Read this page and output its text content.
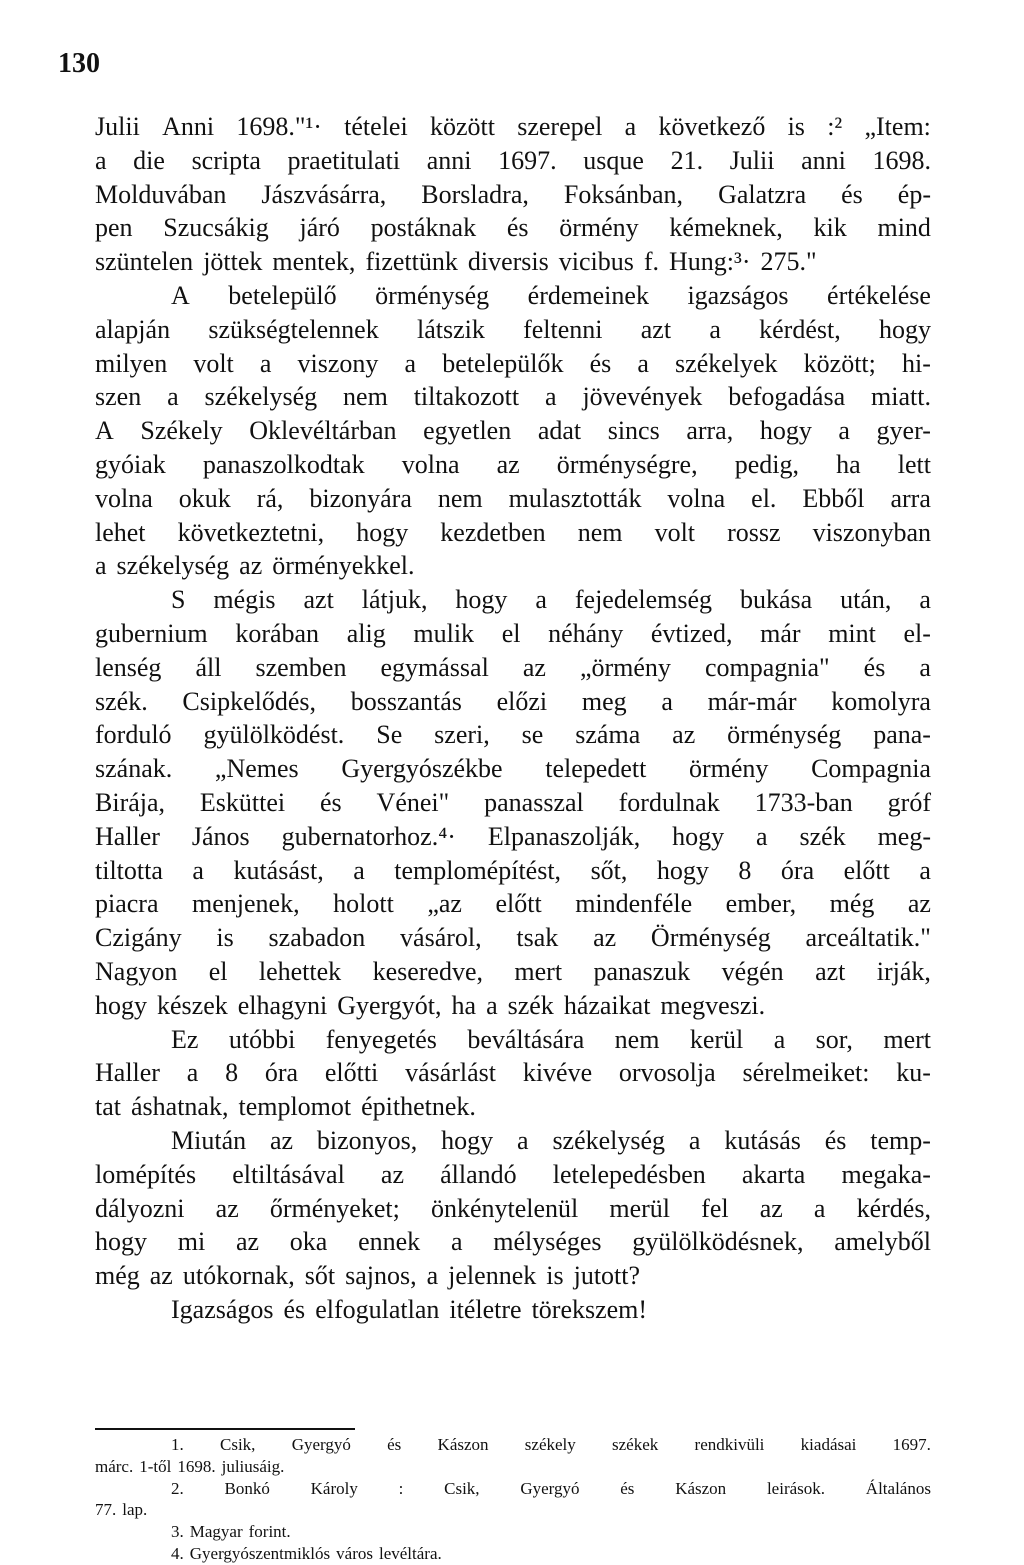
130
Julii Anni 1698."¹· tételei között szerepel a következő is :² „Item:
a die scripta praetitulati anni 1697. usque 21. Julii anni 1698.
Molduvában Jászvásárra, Borsladra, Foksánban, Galatzra és ép-
pen Szucsákig járó postáknak és örmény kémeknek, kik mind
szüntelen jöttek mentek, fizettünk diversis vicibus f. Hung:³· 275."
A betelepülő örménység érdemeinek igazságos értékelése
alapján szükségtelennek látszik feltenni azt a kérdést, hogy
milyen volt a viszony a betelepülők és a székelyek között; hi-
szen a székelység nem tiltakozott a jövevények befogadása miatt.
A Székely Oklevéltárban egyetlen adat sincs arra, hogy a gyer-
gyóiak panaszolkodtak volna az örménységre, pedig, ha lett
volna okuk rá, bizonyára nem mulasztották volna el. Ebből arra
lehet következtetni, hogy kezdetben nem volt rossz viszonyban
a székelység az örményekkel.
S mégis azt látjuk, hogy a fejedelemség bukása után, a
gubernium korában alig mulik el néhány évtized, már mint el-
lenség áll szemben egymással az „örmény compagnia" és a
szék. Csipkelődés, bosszantás előzi meg a már-már komolyra
forduló gyülölködést. Se szeri, se száma az örménység pana-
szának. „Nemes Gyergyószékbe telepedett örmény Compagnia
Birája, Esküttei és Vénei" panasszal fordulnak 1733-ban gróf
Haller János gubernatorhoz.⁴· Elpanaszolják, hogy a szék meg-
tiltotta a kutásást, a templomépítést, sőt, hogy 8 óra előtt a
piacra menjenek, holott „az előtt mindenféle ember, még az
Czigány is szabadon vásárol, tsak az Örménység arceáltatik."
Nagyon el lehettek keseredve, mert panaszuk végén azt irják,
hogy készek elhagyni Gyergyót, ha a szék házaikat megveszi.
Ez utóbbi fenyegetés beváltására nem kerül a sor, mert
Haller a 8 óra előtti vásárlást kivéve orvosolja sérelmeiket: ku-
tat áshatnak, templomot épithetnek.
Miután az bizonyos, hogy a székelység a kutásás és temp-
lomépítés eltiltásával az állandó letelepedésben akarta megaka-
dályozni az őrményeket; önkénytelenül merül fel az a kérdés,
hogy mi az oka ennek a mélységes gyülölködésnek, amelyből
még az utókornak, sőt sajnos, a jelennek is jutott?
Igazságos és elfogulatlan itéletre törekszem!
1. Csik, Gyergyó és Kászon székely székek rendkivüli kiadásai 1697.
márc. 1-től 1698. juliusáig.
2. Bonkó Károly : Csik, Gyergyó és Kászon leirások. Általános
77. lap.
3. Magyar forint.
4. Gyergyószentmiklós város levéltára.
